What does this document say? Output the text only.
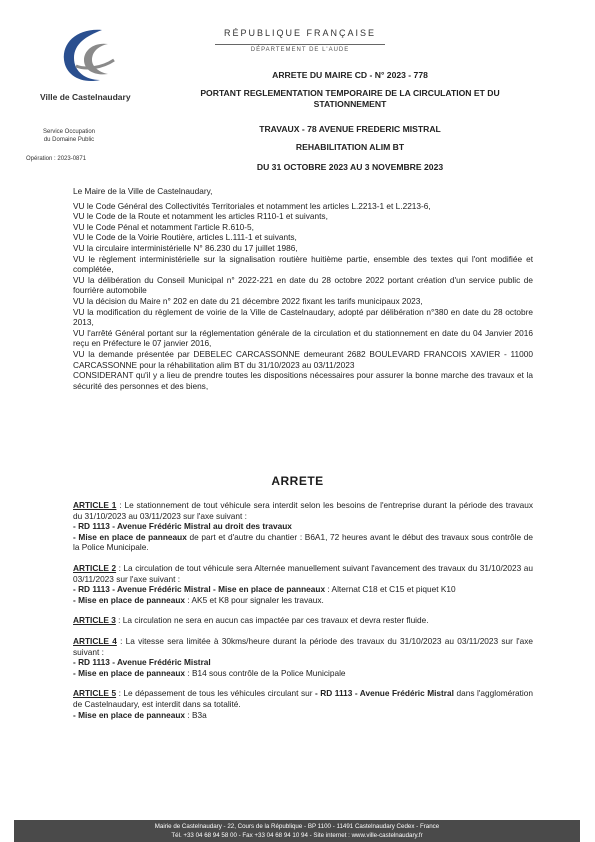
Ville de Castelnaudary
Service Occupation
du Domaine Public
Opération : 2023-0871
RÉPUBLIQUE FRANÇAISE
DÉPARTEMENT DE L'AUDE
ARRETE DU MAIRE CD - N° 2023 - 778
PORTANT REGLEMENTATION TEMPORAIRE DE LA CIRCULATION ET DU
STATIONNEMENT
TRAVAUX - 78 AVENUE FREDERIC MISTRAL
REHABILITATION ALIM BT
DU 31 OCTOBRE 2023 AU 3 NOVEMBRE 2023

Le Maire de la Ville de Castelnaudary,

VU le Code Général des Collectivités Territoriales et notamment les articles L.2213-1 et L.2213-6,

VU le Code de la Route et notamment les articles R110-1 et suivants,

VU le Code Pénal et notamment l'article R.610-5,

VU le Code de la Voirie Routière, articles L.111-1 et suivants,

VU la circulaire interministérielle N° 86.230 du 17 juillet 1986,

VU le règlement interministérielle sur la signalisation routière huitième partie, ensemble des textes qui l'ont modifiée et complétée,

VU la délibération du Conseil Municipal n° 2022-221 en date du 28 octobre 2022 portant création d'un service public de fourrière automobile

VU la décision du Maire n° 202 en date du 21 décembre 2022 fixant les tarifs municipaux 2023,

VU la modification du règlement de voirie de la Ville de Castelnaudary, adopté par délibération n°380 en date du 28 octobre 2013,

VU l'arrêté Général portant sur la réglementation générale de la circulation et du stationnement en date du 04 Janvier 2016 reçu en Préfecture le 07 janvier 2016,

VU la demande présentée par DEBELEC CARCASSONNE demeurant 2682 BOULEVARD FRANCOIS XAVIER - 11000 CARCASSONNE pour la réhabilitation alim BT du 31/10/2023 au 03/11/2023

CONSIDERANT qu'il y a lieu de prendre toutes les dispositions nécessaires pour assurer la bonne marche des travaux et la sécurité des personnes et des biens,

ARRETE

ARTICLE 1 : Le stationnement de tout véhicule sera interdit selon les besoins de l'entreprise durant la période des travaux du 31/10/2023 au 03/11/2023 sur l'axe suivant :

- RD 1113 - Avenue Frédéric Mistral au droit des travaux

- Mise en place de panneaux de part et d'autre du chantier : B6A1, 72 heures avant le début des travaux sous contrôle de la Police Municipale.

ARTICLE 2 : La circulation de tout véhicule sera Alternée manuellement suivant l'avancement des travaux du 31/10/2023 au 03/11/2023 sur l'axe suivant :

- RD 1113 - Avenue Frédéric Mistral - Mise en place de panneaux : Alternat C18 et C15 et piquet K10

- Mise en place de panneaux : AK5 et K8 pour signaler les travaux.

ARTICLE 3 : La circulation ne sera en aucun cas impactée par ces travaux et devra rester fluide.

ARTICLE 4 : La vitesse sera limitée à 30kms/heure durant la période des travaux du 31/10/2023 au 03/11/2023 sur l'axe suivant :

- RD 1113 - Avenue Frédéric Mistral

- Mise en place de panneaux : B14 sous contrôle de la Police Municipale

ARTICLE 5 : Le dépassement de tous les véhicules circulant sur - RD 1113 - Avenue Frédéric Mistral dans l'agglomération de Castelnaudary, est interdit dans sa totalité.

- Mise en place de panneaux : B3a

Mairie de Castelnaudary - 22, Cours de la République - BP 1100 - 11491 Castelnaudary Cedex - France
Tél. +33 04 68 94 58 00 - Fax +33 04 68 94 10 94 - Site internet : www.ville-castelnaudary.fr
